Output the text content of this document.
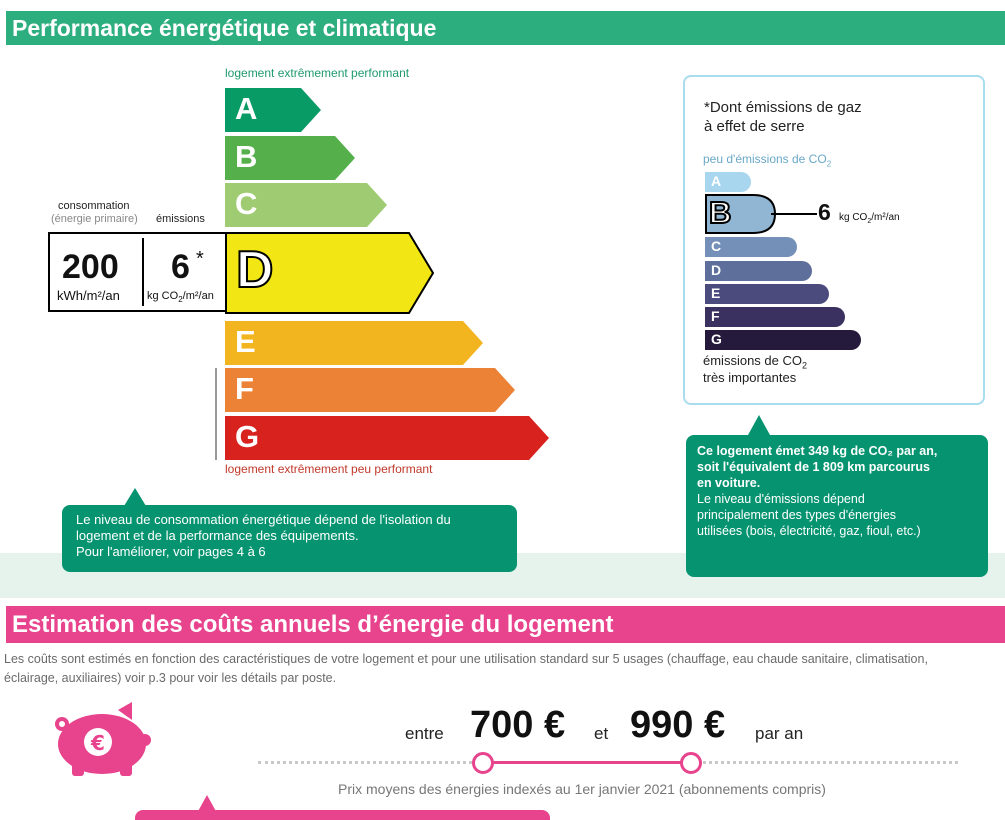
Performance énergétique et climatique
logement extrêmement performant
A
B
C
E
F
G
D
consommation
(énergie primaire) émissions
200
kWh/m²/an
6 *
kg $CO_2/m^2/an$
logement extrêmement peu performant
Le niveau de consommation énergétique dépend de l'isolation du
logement et de la performance des équipements.
Pour l'améliorer, voir pages 4 à 6
*Dont émissions de gaz
à effet de serre
peu d'émissions de $CO_2$
A
B
C
D
E
F
G
6 kg $CO_2/m^2/an$
émissions de $CO_2$
très importantes
Ce logement émet 349 kg de CO₂ par an,
soit l'équivalent de 1 809 km parcourus
en voiture.
Le niveau d'émissions dépend
principalement des types d'énergies
utilisées (bois, électricité, gaz, fioul, etc.)
Estimation des coûts annuels d’énergie du logement
Les coûts sont estimés en fonction des caractéristiques de votre logement et pour une utilisation standard sur 5 usages (chauffage, eau chaude sanitaire, climatisation,
éclairage, auxiliaires) voir p.3 pour voir les détails par poste.
€	entre 700 € et 990 € par an
Prix moyens des énergies indexés au 1er janvier 2021 (abonnements compris)
